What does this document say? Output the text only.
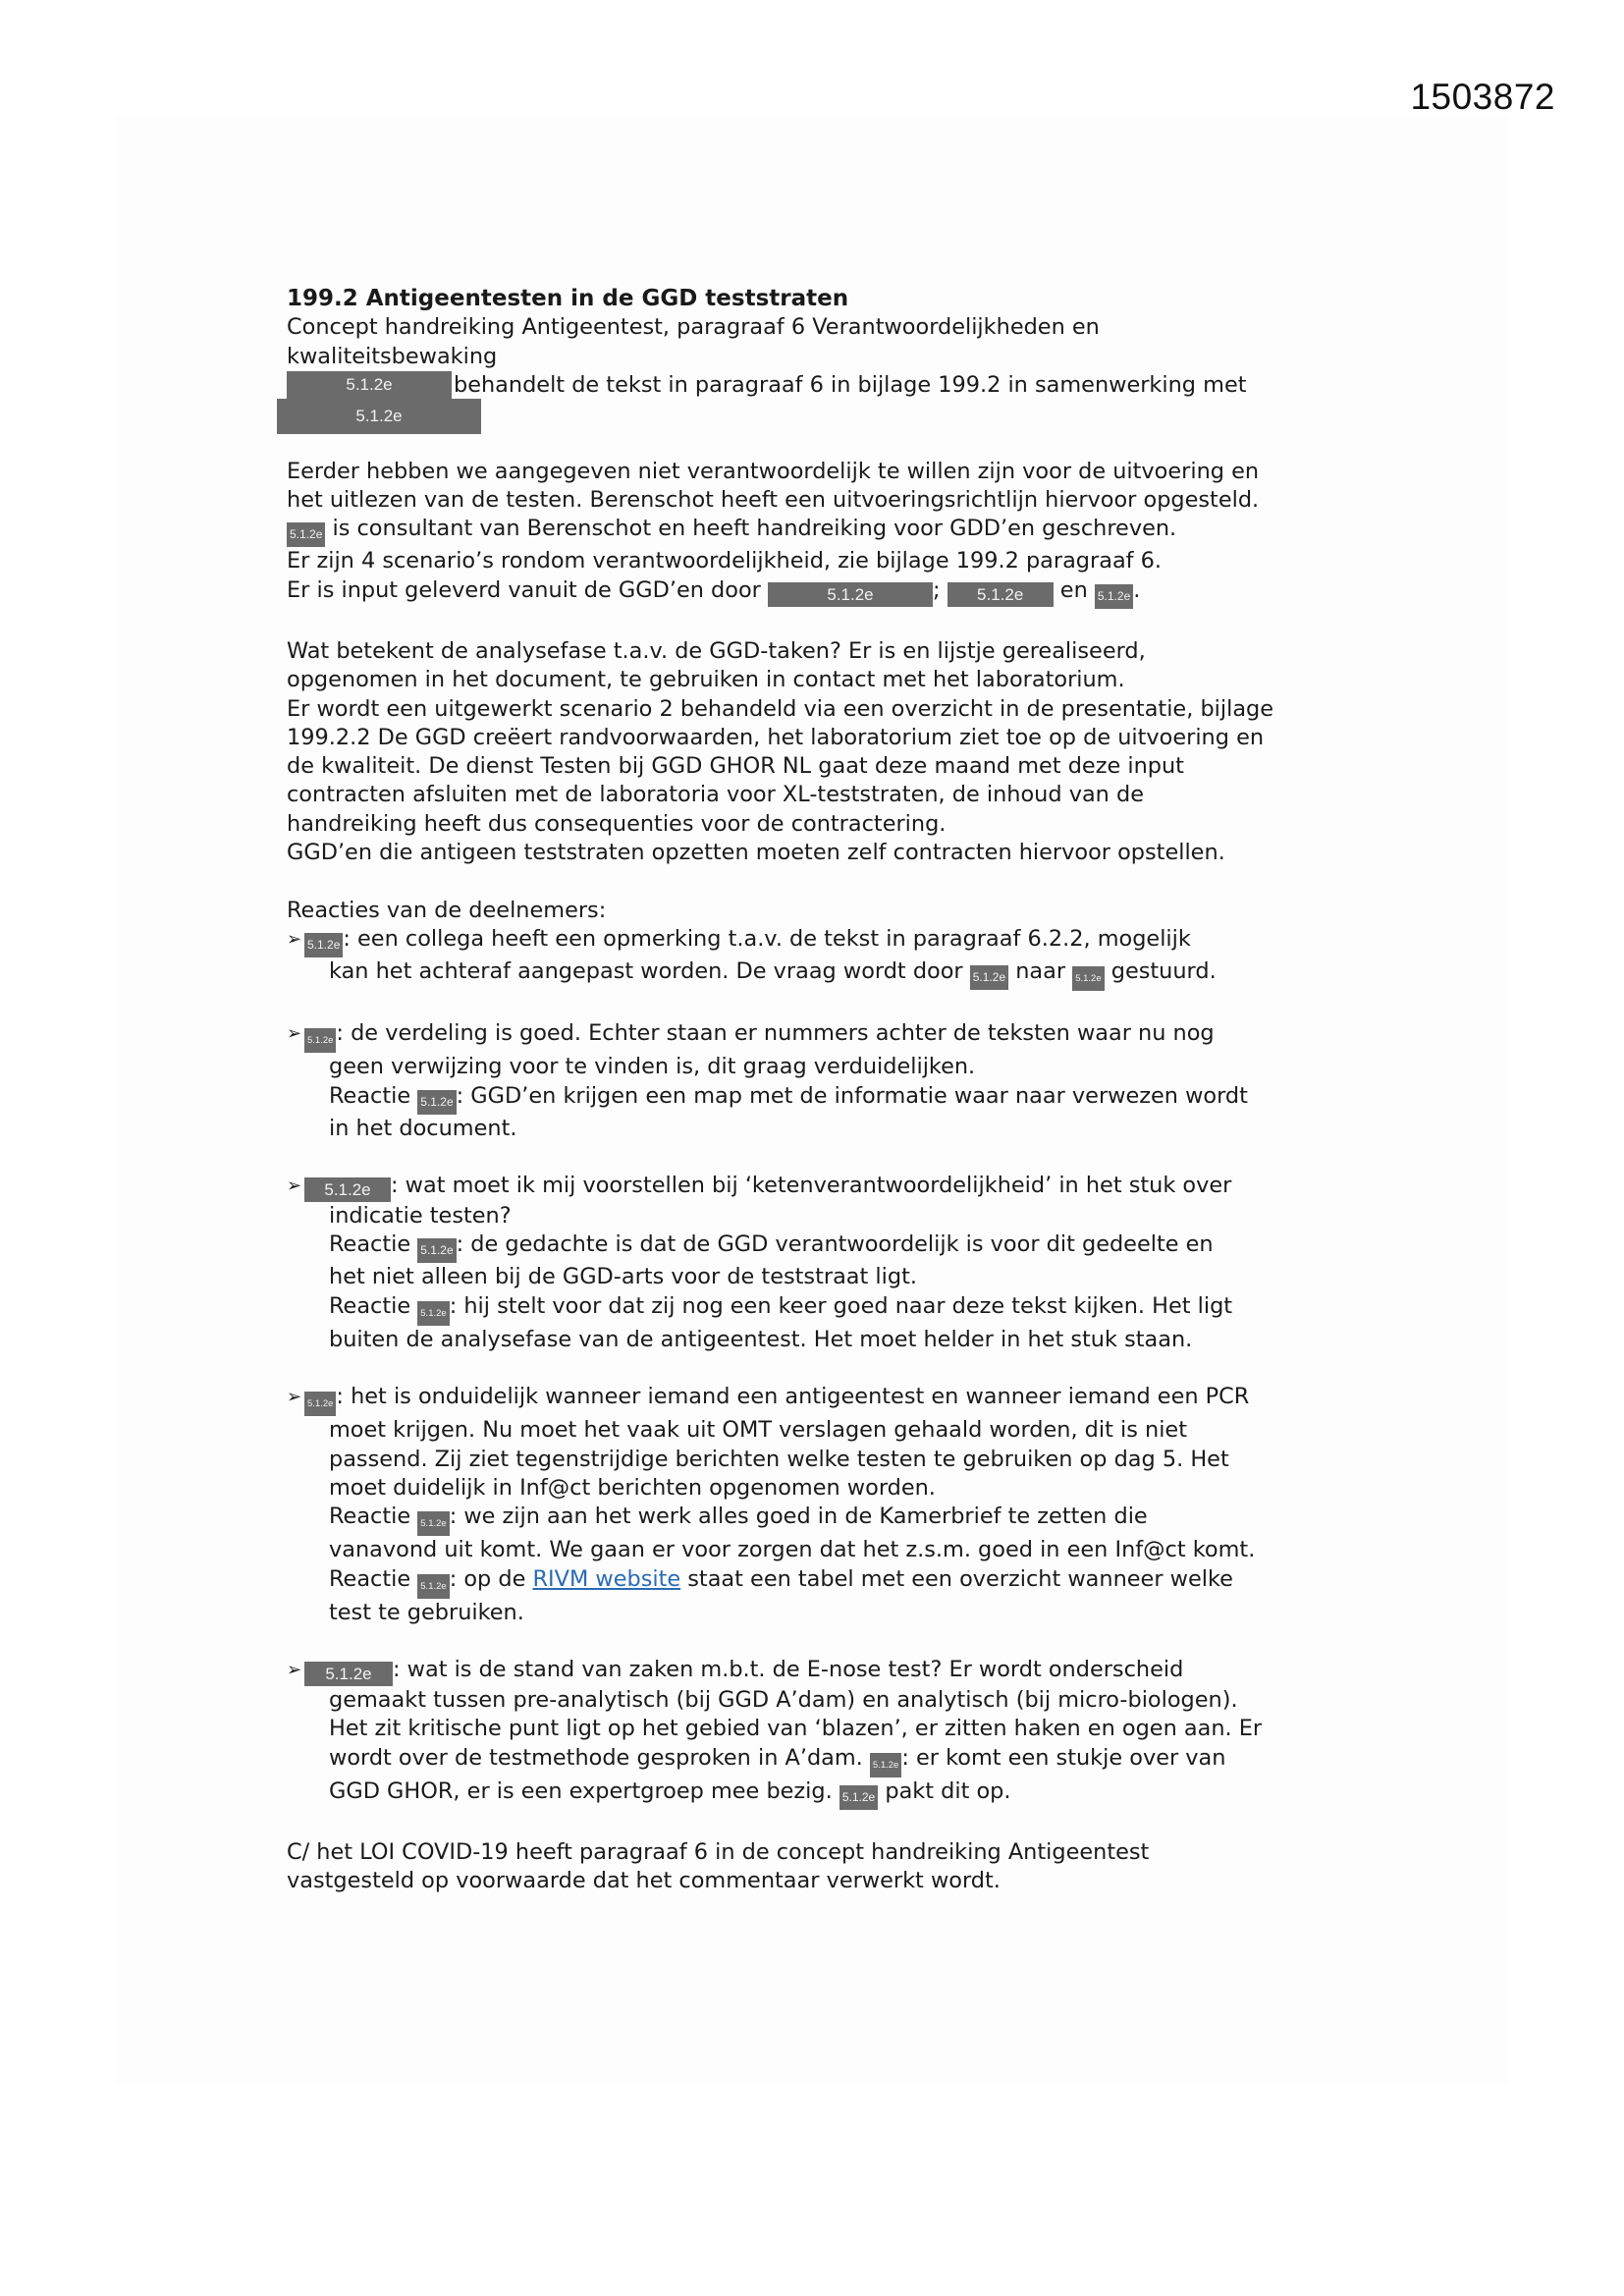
1503872
5.1.2e
5.1.2e

199.2 Antigeentesten in de GGD teststraten

Concept handreiking Antigeentest, paragraaf 6 Verantwoordelijkheden en

kwaliteitsbewaking

behandelt de tekst in paragraaf 6 in bijlage 199.2 in samenwerking met

Eerder hebben we aangegeven niet verantwoordelijk te willen zijn voor de uitvoering en

het uitlezen van de testen. Berenschot heeft een uitvoeringsrichtlijn hiervoor opgesteld.

5.1.2e is consultant van Berenschot en heeft handreiking voor GDD’en geschreven.

Er zijn 4 scenario’s rondom verantwoordelijkheid, zie bijlage 199.2 paragraaf 6.

Er is input geleverd vanuit de GGD’en door	5.1.2e	; 5.1.2e en 5.1.2e .

Wat betekent de analysefase t.a.v. de GGD-taken? Er is en lijstje gerealiseerd,

opgenomen in het document, te gebruiken in contact met het laboratorium.

Er wordt een uitgewerkt scenario 2 behandeld via een overzicht in de presentatie, bijlage

199.2.2 De GGD creëert randvoorwaarden, het laboratorium ziet toe op de uitvoering en

de kwaliteit. De dienst Testen bij GGD GHOR NL gaat deze maand met deze input

contracten afsluiten met de laboratoria voor XL-teststraten, de inhoud van de

handreiking heeft dus consequenties voor de contractering.

GGD’en die antigeen teststraten opzetten moeten zelf contracten hiervoor opstellen.

Reacties van de deelnemers:

➢ 5.1.2e : een collega heeft een opmerking t.a.v. de tekst in paragraaf 6.2.2, mogelijk

kan het achteraf aangepast worden. De vraag wordt door 5.1.2e naar 5.1.2e gestuurd.

➢ 5.1.2e : de verdeling is goed. Echter staan er nummers achter de teksten waar nu nog

geen verwijzing voor te vinden is, dit graag verduidelijken.

Reactie 5.1.2e : GGD’en krijgen een map met de informatie waar naar verwezen wordt

in het document.

➢	5.1.2e : wat moet ik mij voorstellen bij ‘ketenverantwoordelijkheid’ in het stuk over

indicatie testen?

Reactie 5.1.2e : de gedachte is dat de GGD verantwoordelijk is voor dit gedeelte en

het niet alleen bij de GGD-arts voor de teststraat ligt.

Reactie 5.1.2e : hij stelt voor dat zij nog een keer goed naar deze tekst kijken. Het ligt

buiten de analysefase van de antigeentest. Het moet helder in het stuk staan.

➢ 5.1.2e : het is onduidelijk wanneer iemand een antigeentest en wanneer iemand een PCR

moet krijgen. Nu moet het vaak uit OMT verslagen gehaald worden, dit is niet

passend. Zij ziet tegenstrijdige berichten welke testen te gebruiken op dag 5. Het

moet duidelijk in Inf@ct berichten opgenomen worden.

Reactie 5.1.2e : we zijn aan het werk alles goed in de Kamerbrief te zetten die

vanavond uit komt. We gaan er voor zorgen dat het z.s.m. goed in een Inf@ct komt.

Reactie 5.1.2e : op de RIVM website staat een tabel met een overzicht wanneer welke

test te gebruiken.

➢	5.1.2e : wat is de stand van zaken m.b.t. de E-nose test? Er wordt onderscheid

gemaakt tussen pre-analytisch (bij GGD A’dam) en analytisch (bij micro-biologen).

Het zit kritische punt ligt op het gebied van ‘blazen’, er zitten haken en ogen aan. Er

wordt over de testmethode gesproken in A’dam. 5.1.2e : er komt een stukje over van

GGD GHOR, er is een expertgroep mee bezig. 5.1.2e pakt dit op.

C/ het LOI COVID-19 heeft paragraaf 6 in de concept handreiking Antigeentest

vastgesteld op voorwaarde dat het commentaar verwerkt wordt.
